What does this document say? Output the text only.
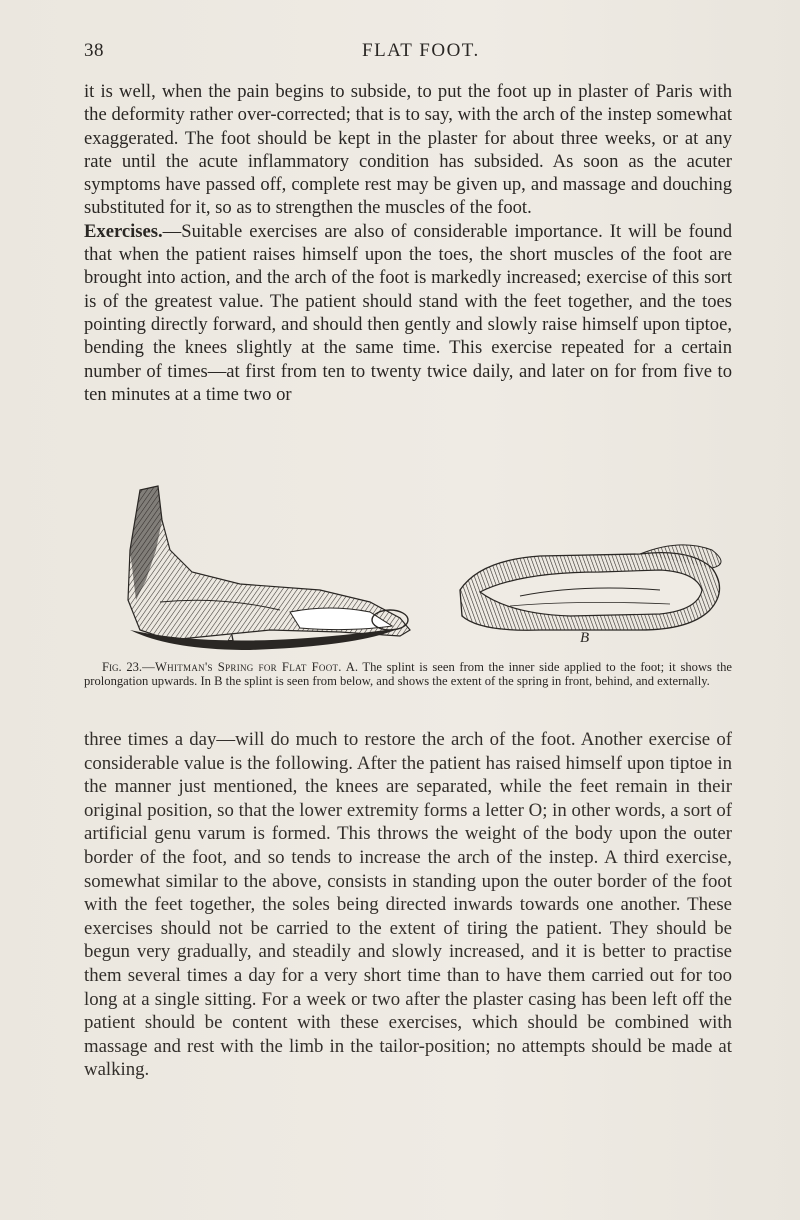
38	FLAT FOOT.

it is well, when the pain begins to subside, to put the foot up in plaster of Paris with the deformity rather over-corrected; that is to say, with the arch of the instep somewhat exaggerated. The foot should be kept in the plaster for about three weeks, or at any rate until the acute inflammatory condition has subsided. As soon as the acuter symptoms have passed off, complete rest may be given up, and massage and douching substituted for it, so as to strengthen the muscles of the foot.

Exercises.—Suitable exercises are also of considerable importance. It will be found that when the patient raises himself upon the toes, the short muscles of the foot are brought into action, and the arch of the foot is markedly increased; exercise of this sort is of the greatest value. The patient should stand with the feet together, and the toes pointing directly forward, and should then gently and slowly raise himself upon tiptoe, bending the knees slightly at the same time. This exercise repeated for a certain number of times—at first from ten to twenty twice daily, and later on for from five to ten minutes at a time two or

A	B
Fig. 23.—Whitman's Spring for Flat Foot. A. The splint is seen from the inner side applied to the foot; it shows the prolongation upwards. In B the splint is seen from below, and shows the extent of the spring in front, behind, and externally.

three times a day—will do much to restore the arch of the foot. Another exercise of considerable value is the following. After the patient has raised himself upon tiptoe in the manner just mentioned, the knees are separated, while the feet remain in their original position, so that the lower extremity forms a letter O; in other words, a sort of artificial genu varum is formed. This throws the weight of the body upon the outer border of the foot, and so tends to increase the arch of the instep. A third exercise, somewhat similar to the above, consists in standing upon the outer border of the foot with the feet together, the soles being directed inwards towards one another. These exercises should not be carried to the extent of tiring the patient. They should be begun very gradually, and steadily and slowly increased, and it is better to practise them several times a day for a very short time than to have them carried out for too long at a single sitting. For a week or two after the plaster casing has been left off the patient should be content with these exercises, which should be combined with massage and rest with the limb in the tailor-position; no attempts should be made at walking.
